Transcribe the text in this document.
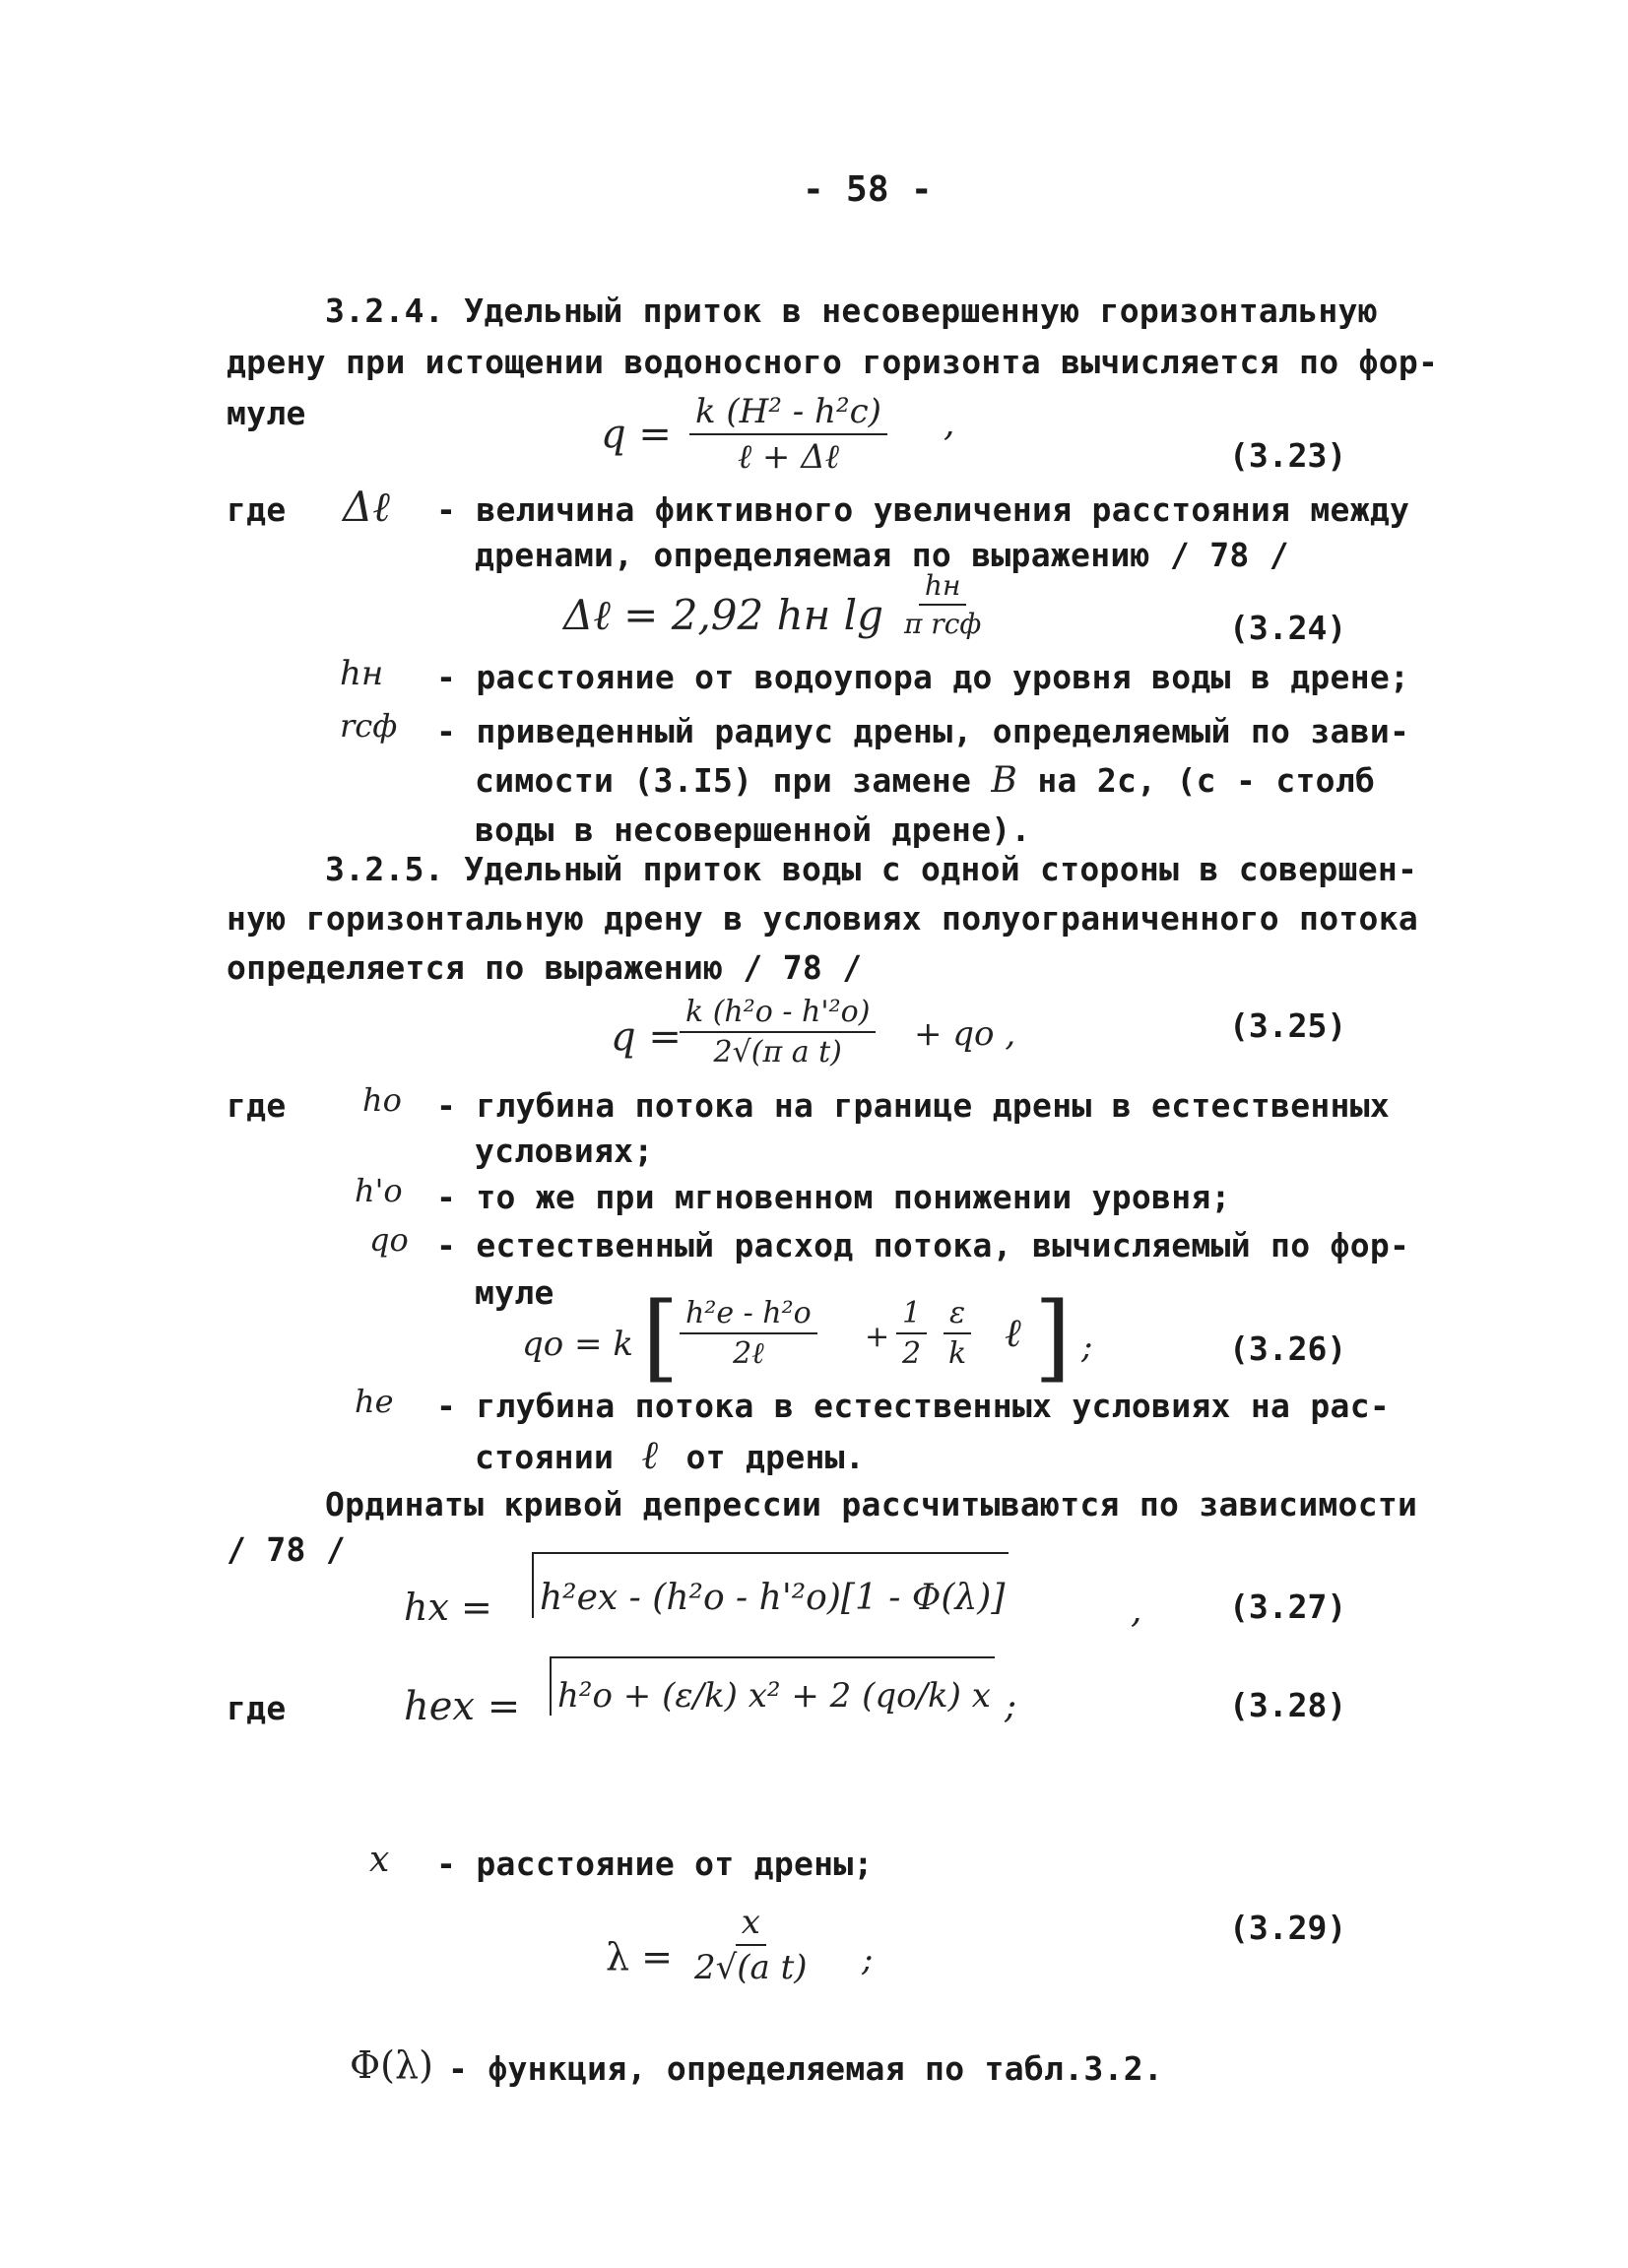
- 58 -
3.2.4. Удельный приток в несовершенную горизонтальную
дрену при истощении водоносного горизонта вычисляется по фор-
муле	q = k (H² - h²c)
ℓ + Δℓ
,
(3.23)
где Δℓ - величина фиктивного увеличения расстояния между
дренами, определяемая по выражению / 78 /
Δℓ = 2,92 hн lg
hн
π rсф	(3.24)
hн - расстояние от водоупора до уровня воды в дрене;
rсф - приведенный радиус дрены, определяемый по зави-
симости (3.I5) при замене B на 2с, (с - столб
воды в несовершенной дрене).
3.2.5. Удельный приток воды с одной стороны в совершен-
ную горизонтальную дрену в условиях полуограниченного потока
определяется по выражению / 78 /
q =
$\frac{\text{k (h²o - h'²o)}}{\text{2√(π a t)}}$ + qo ,	(3.25)
где ho - глубина потока на границе дрены в естественных
условиях;
h'o - то же при мгновенном понижении уровня;
qo - естественный расход потока, вычисляемый по фор-
муле
qo = k [ h²e - h²o
2ℓ	+ $\frac{1}{2} \frac{\varepsilon}{k}$ ℓ ] ;	(3.26)
he - глубина потока в естественных условиях на рас-
стоянии ℓ от дрены.
Ординаты кривой депрессии рассчитываются по зависимости
/ 78 /
hx = h²ex - (h²o - h'²o)[1 - Φ(λ)]	,	(3.27)
где	hex = h²o + (ε/k) x² + 2 (qo/k) x ;	(3.28)
x - расстояние от дрены;
$\lambda = \frac{x}{\text{2√(a t)}}$ ;
(3.29)
Φ(λ) - функция, определяемая по табл.3.2.
